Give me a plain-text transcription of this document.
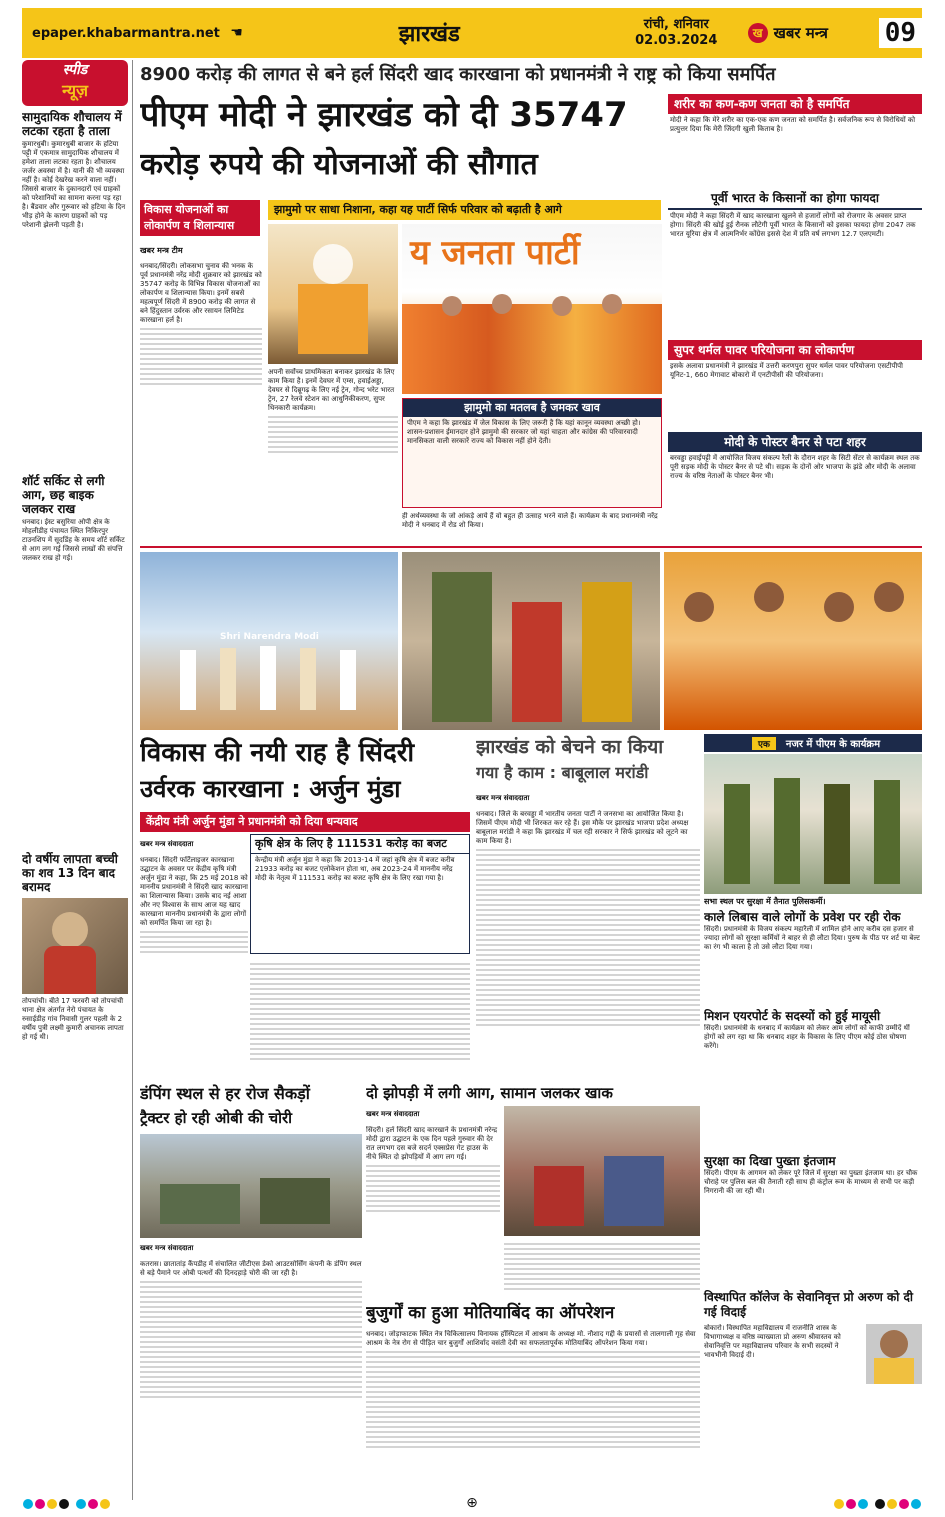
epaper.khabarmantra.net ☚	झारखंड	रांची, शनिवार
02.03.2024	ख खबर मन्त्र	09
स्पीड
न्यूज़
सामुदायिक शौचालय में लटका रहता है ताला
कुमारधुबी। कुमारधुबी बाजार के हटिया पट्टी में एकमात्र सामुदायिक शौचालय में हमेशा ताला लटका रहता है। शौचालय जर्जर अवस्था में है। यानी की भी व्यवस्था नहीं है। कोई देखरेख करने वाला नहीं। जिससे बाजार के दुकानदारों एवं ग्राहकों को परेशानियों का सामना करना पड़ रहा है। बैंडवार और गुरूवार को हटिया के दिन भीड़ होने के कारण ग्राहकों को पड़ परेशानी झेलनी पड़ती है।
शॉर्ट सर्किट से लगी आग, छह बाइक जलकर राख
धनबाद। ईस्ट बसुरिया ओपी क्षेत्र के मोहलीडीह पंचायत स्थित निकिरपुर टाउनशिप में सूदडिंह के समय शॉर्ट सर्किट से आग लग गई जिससे लाखों की संपत्ति जलकर राख हो गई।
दो वर्षीय लापता बच्ची का शव 13 दिन बाद बरामद
तोपचांची। बीते 17 फरवरी को तोपचांची थाना क्षेत्र अंतर्गत नेरो पंचायत के रुसाईडीह गांव निवासी गुलर पहली के 2 वर्षीय पुत्री लक्ष्मी कुमारी अचानक लापता हो गई थी।
8900 करोड़ की लागत से बने हर्ल सिंदरी खाद कारखाना को प्रधानमंत्री ने राष्ट्र को किया समर्पित
पीएम मोदी ने झारखंड को दी 35747
करोड़ रुपये की योजनाओं की सौगात
विकास योजनाओं का लोकार्पण व शिलान्यास
झामुमो पर साधा निशाना, कहा यह पार्टी सिर्फ परिवार को बढ़ाती है आगे
खबर मन्त्र टीम
धनबाद/सिंदरी। लोकसभा चुनाव की भनक के पूर्व प्रधानमंत्री नरेंद्र मोदी शुक्रवार को झारखंड को 35747 करोड़ के विभिन्न विकास योजनाओं का लोकार्पण व शिलान्यास किया। इनमें सबसे महत्वपूर्ण सिंदरी में 8900 करोड़ की लागत से बने हिंदुस्तान उर्वरक और रसायन लिमिटेड कारखाना हर्ल है।
य जनता पार्टी
अपनी सर्वोच्च प्राथमिकता बनाकर झारखंड के लिए काम किया है। इनमें देवघर में एम्स, हवाईअड्डा, देवघर से दिब्रूगढ़ के लिए नई ट्रेन, गोन्द भरेट भारत ट्रेन, 27 रेलवे स्टेशन का आधुनिकीकरण, सुपर थिनकारी कार्यक्रम।	झामुमो का मतलब है जमकर खाव
पीएम ने कहा कि झारखंड में जेल विकास के लिए जरूरी है कि यहां कानून व्यवस्था अच्छी हो। शासन-प्रशासन ईमानदार होने झामुमो की सरकार जो यहां चाहता और कांग्रेस की परिवारवादी मानसिकता वाली सरकारें राज्य को विकास नहीं होने देती।
ही अर्थव्यवस्था के जो आंकड़े आये हैं वो बहुत ही उत्साह भरने वाले हैं। कार्यक्रम के बाद प्रधानमंत्री नरेंद्र मोदी ने धनबाद में रोड शो किया।
शरीर का कण-कण जनता को है समर्पित
मोदी ने कहा कि मेरे शरीर का एक-एक कण जनता को समर्पित है। सर्वजनिक रूप से विरोधियों को प्रत्युत्तर दिया कि मेरी जिंदगी खुली किताब है।
पूर्वी भारत के किसानों का होगा फायदा
पीएम मोदी ने कहा सिंदरी में खाद कारखाना खुलने से हजारों लोगों को रोजगार के अवसर प्राप्त होगा। सिंदरी की खोई हुई रौनक लौटेगी पूर्वी भारत के किसानों को इसका फायदा होगा 2047 तक भारत यूरिया क्षेत्र में आत्मनिर्भर कोंग्रेस इससे देश में प्रति वर्ष लगभग 12.7 एलएमटी।
सुपर थर्मल पावर परियोजना का लोकार्पण
इसके अलावा प्रधानमंत्री ने झारखंड में उत्तरी करणपुरा सुपर थर्मल पावर परियोजना एसटीपीपी यूनिट-1, 660 मेगावाट बोकारो में एनटीपीसी की परियोजना।
मोदी के पोस्टर बैनर से पटा शहर
बरवड्डा हवाईपट्टी में आयोजित विजय संकल्प रैली के दौरान शहर के सिटी सेंटर से कार्यक्रम स्थल तक पूरी सड़क मोदी के पोस्टर बैनर से पटे थी। सड़क के दोनों ओर भाजपा के झंडे और मोदी के अलावा राज्य के वरिष्ठ नेताओं के पोस्टर बैनर भी।
Shri Narendra Modi
विकास की नयी राह है सिंदरी
उर्वरक कारखाना : अर्जुन मुंडा
केंद्रीय मंत्री अर्जुन मुंडा ने प्रधानमंत्री को दिया धन्यवाद
खबर मन्त्र संवाददाता
धनबाद। सिंदरी फर्टिलाइजर कारखाना उद्घाटन के अवसर पर केंद्रीय कृषि मंत्री अर्जुन मुंडा ने कहा, कि 25 मई 2018 को माननीय प्रधानमंत्री ने सिंदरी खाद कारखाना का शिलान्यास किया। उसके बाद नई आशा और नए विश्वास के साथ आज यह खाद कारखाना माननीय प्रधानमंत्री के द्वारा लोगों को समर्पित किया जा रहा है।
कृषि क्षेत्र के लिए है 111531 करोड़ का बजट
केन्द्रीय मंत्री अर्जुन मुंडा ने कहा कि 2013-14 में जहां कृषि क्षेत्र में बजट करीब 21933 करोड़ का बजट एलोकेशन होता था, अब 2023-24 में माननीय नरेंद्र मोदी के नेतृत्व में 111531 करोड़ का बजट कृषि क्षेत्र के लिए रखा गया है।
झारखंड को बेचने का किया
गया है काम : बाबूलाल मरांडी
खबर मन्त्र संवाददाता
धनबाद। जिले के बरवड्डा में भारतीय जनता पार्टी ने जनसभा का आयोजित किया है। जिसमें पीएम मोदी भी शिरकत कर रहे हैं। इस मौके पर झारखंड भाजपा प्रदेश अध्यक्ष बाबूलाल मरांडी ने कहा कि झारखंड में चल रही सरकार ने सिर्फ झारखंड को लूटने का काम किया है।
एक	नजर में पीएम के कार्यक्रम
सभा स्थल पर सुरक्षा में तैनात पुलिसकर्मी।
काले लिबास वाले लोगों के प्रवेश पर रही रोक
सिंदरी। प्रधानमंत्री के विजय संकल्प महारैली में शामिल होने आए करीब दस हजार से ज्यादा लोगों को सुरक्षा कर्मियों ने बाहर से ही लौटा दिया। पुरुष के पीठ पर शर्ट या बेल्ट का रंग भी काला है तो उसे लौटा दिया गया।
मिशन एयरपोर्ट के सदस्यों को हुई मायूसी
सिंदरी। प्रधानमंत्री के धनबाद में कार्यक्रम को लेकर आम लोगों को काफी उम्मीदें थीं होगों को लग रहा था कि धनबाद शहर के विकास के लिए पीएम कोई ठोस घोषणा करेंगे।
सुरक्षा का दिखा पुख्ता इंतजाम
सिंदरी। पीएम के आगमन को लेकर पूरे जिले में सुरक्षा का पुख्ता इंतजाम था। हर चौक चौराहे पर पुलिस बल की तैनाती रही साथ ही कंट्रोल रूम के माध्यम से सभी पर कड़ी निगरानी की जा रही थी।
विस्थापित कॉलेज के सेवानिवृत्त प्रो अरुण को दी गई विदाई
बोकारो। विस्थापित महाविद्यालय में राजनीति शास्त्र के विभागाध्यक्ष व वरिष्ठ व्याख्याता प्रो अरुण श्रीवास्तव को सेवानिवृत्ति पर महाविद्यालय परिवार के सभी सदस्यों ने भावभीनी विदाई दी।
डंपिंग स्थल से हर रोज सैकड़ों
ट्रैक्टर हो रही ओबी की चोरी
खबर मन्त्र संवाददाता
कतरास। छातातांड़ कैंपडीह में संचालित जीटीएस डेको आउटसोर्सिंग कंपनी के डंपिंग स्थल से बड़े पैमाने पर ओबी पत्थरों की दिनदहाड़े चोरी की जा रही है।
दो झोपड़ी में लगी आग, सामान जलकर खाक
खबर मन्त्र संवाददाता
सिंदरी। हर्ल सिंदरी खाद कारखाने के प्रधानमंत्री नरेन्द्र मोदी द्वारा उद्घाटन के एक दिन पहले गुरुवार की देर रात लगभग दस बजे सदर्न एक्सप्रेस गेट हाउस के नीचे स्थित दो झोपड़ियों में आग लग गई।
बुजुर्गों का हुआ मोतियाबिंद का ऑपरेशन
धनबाद। जोड़ाफाटक स्थित नेत्र चिकित्सालय विनायक हॉस्पिटल में आश्रम के अध्यक्ष मो. नौशाद गद्दी के प्रयासों से तालगाली गृह सेवा आश्रम के नेत्र रोग से पीड़ित चार बुजुर्गों आशिर्वाद वसंती देवी का सफलतापूर्वक मोतियाबिंद ऑपरेशन किया गया।

⊕
